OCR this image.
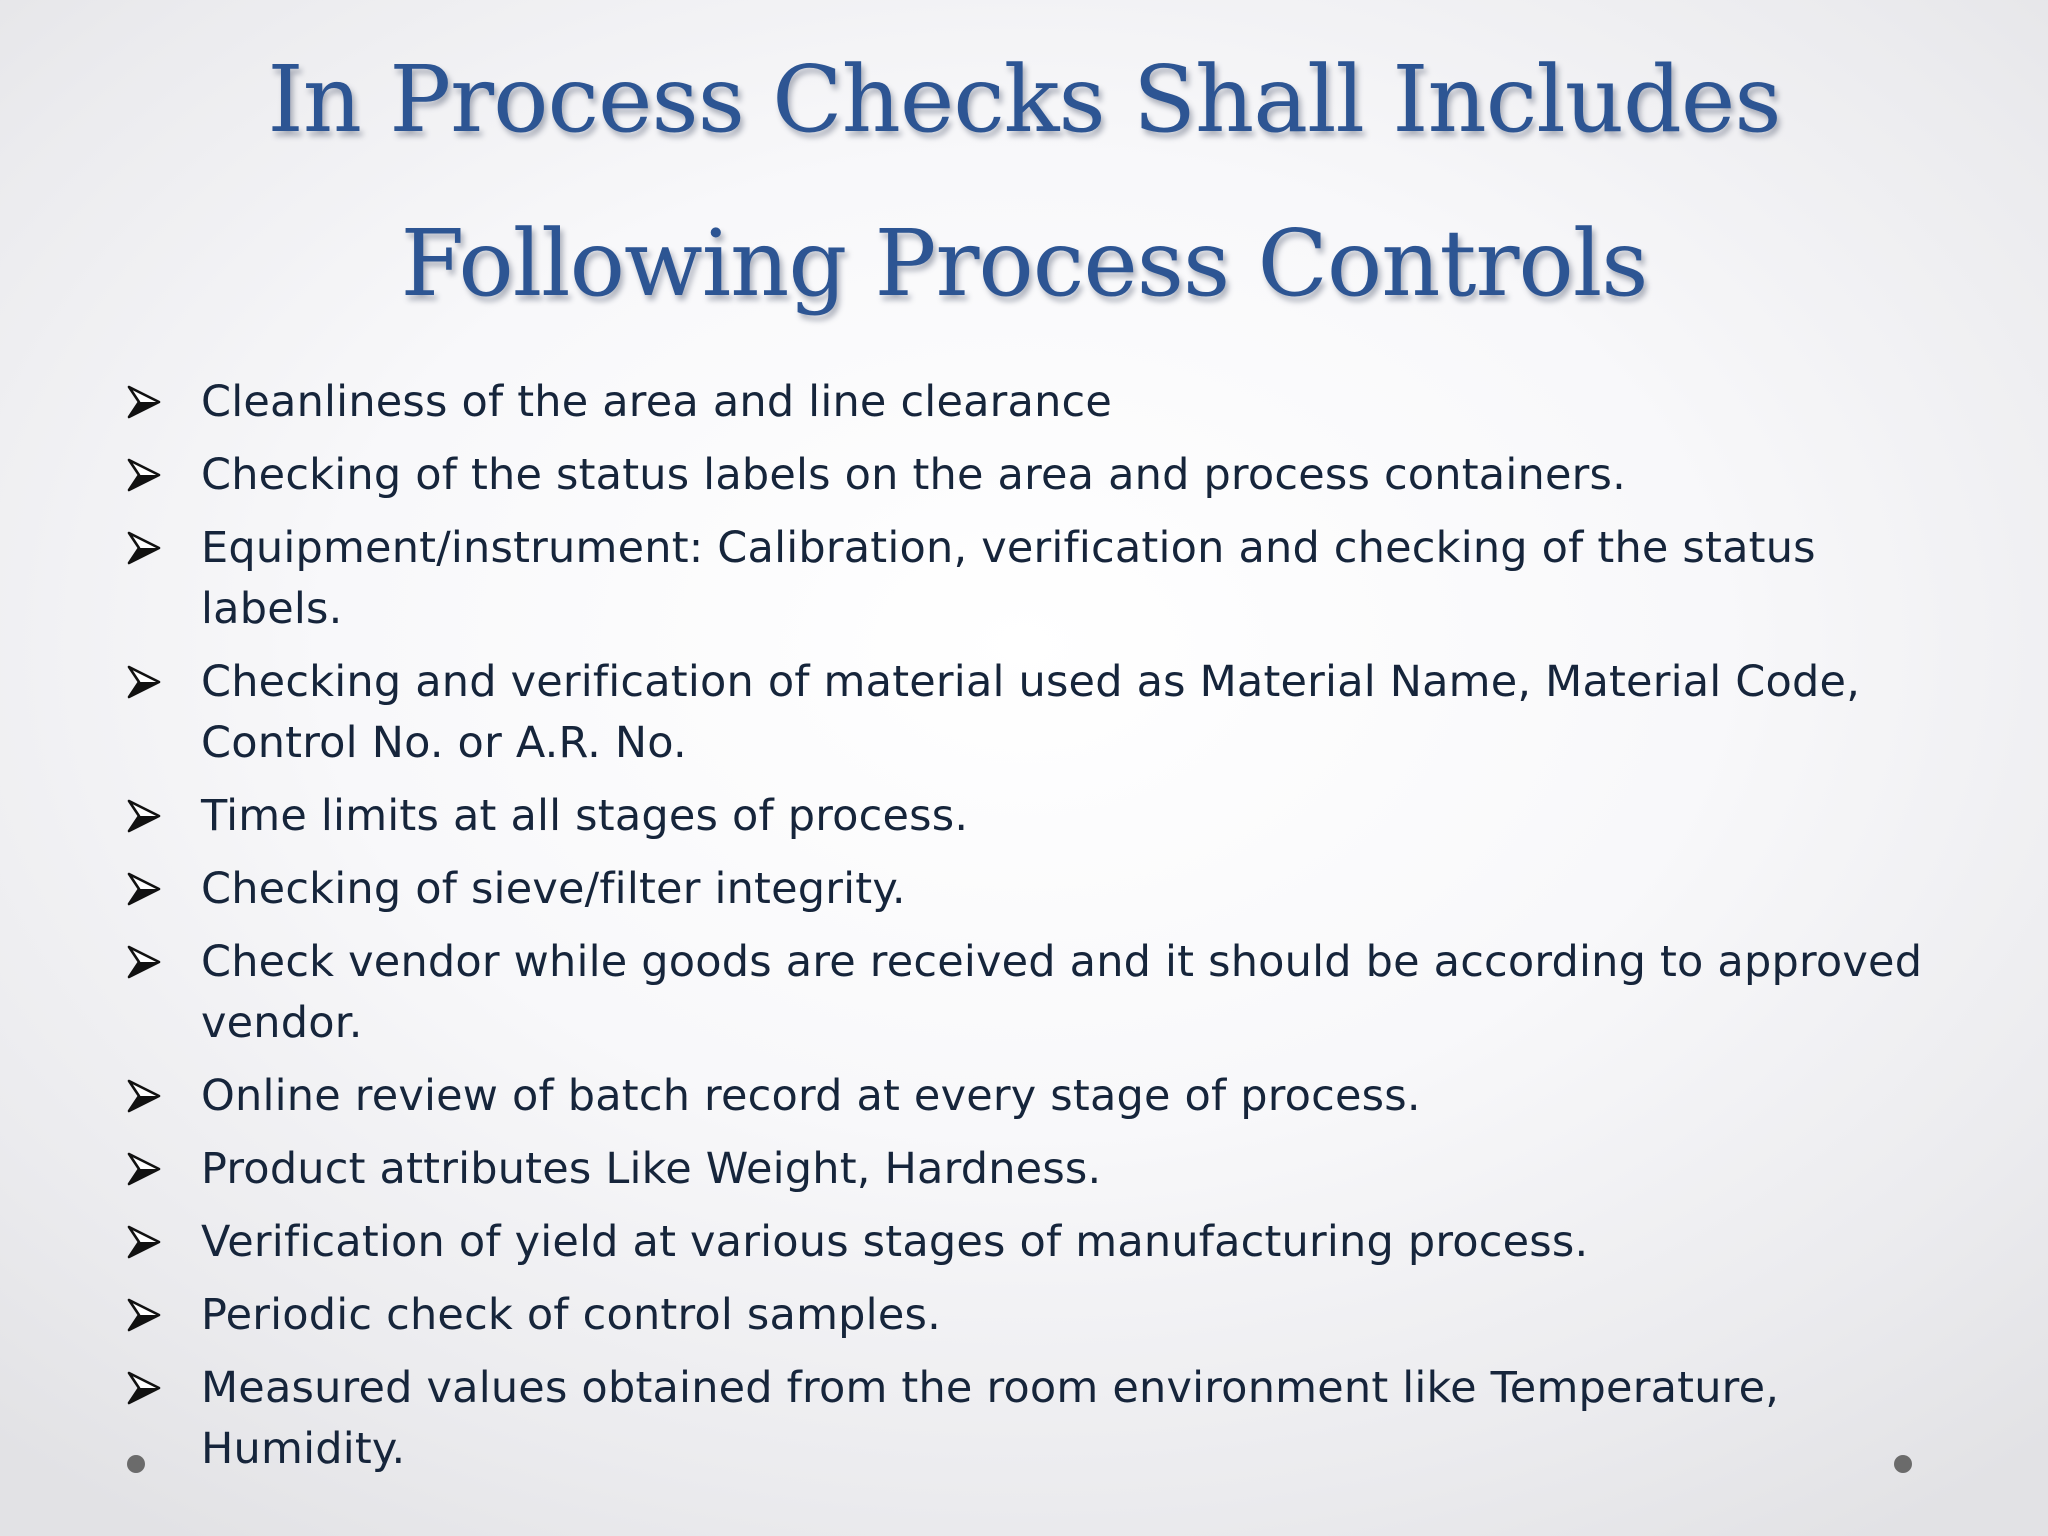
In Process Checks Shall Includes
Following Process Controls
Cleanliness of the area and line clearance
Checking of the status labels on the area and process containers.
Equipment/instrument: Calibration, verification and checking of the status labels.
Checking and verification of material used as Material Name, Material Code, Control No. or A.R. No.
Time limits at all stages of process.
Checking of sieve/filter integrity.
Check vendor while goods are received and it should be according to approved vendor.
Online review of batch record at every stage of process.
Product attributes Like Weight, Hardness.
Verification of yield at various stages of manufacturing process.
Periodic check of control samples.
Measured values obtained from the room environment like Temperature, Humidity.
